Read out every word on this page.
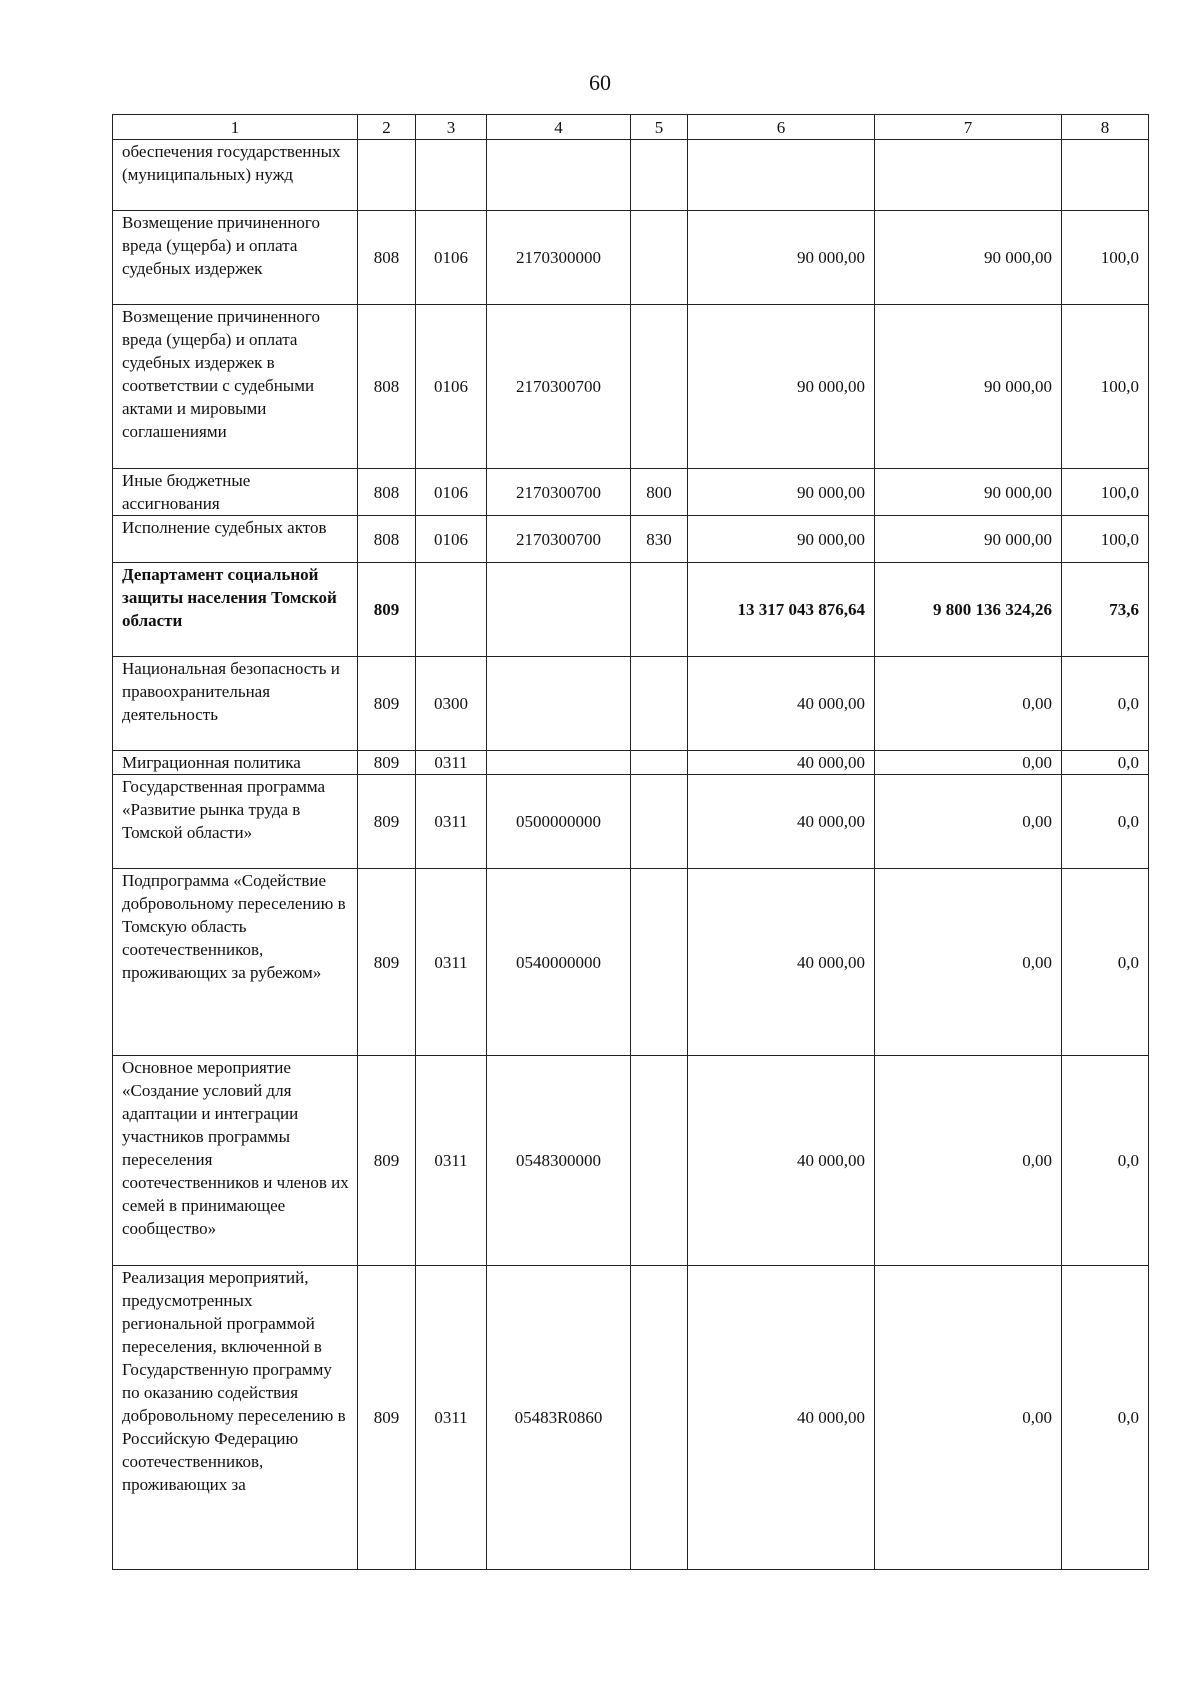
60
1	2	3	4	5	6	7	8
обеспечения государственных (муниципальных) нужд							
Возмещение причиненного вреда (ущерба) и оплата судебных издержек	808	0106	2170300000		90 000,00	90 000,00	100,0
Возмещение причиненного вреда (ущерба) и оплата судебных издержек в соответствии с судебными актами и мировыми соглашениями	808	0106	2170300700		90 000,00	90 000,00	100,0
Иные бюджетные ассигнования	808	0106	2170300700	800	90 000,00	90 000,00	100,0
Исполнение судебных актов	808	0106	2170300700	830	90 000,00	90 000,00	100,0
Департамент социальной защиты населения Томской области	809				13 317 043 876,64	9 800 136 324,26	73,6
Национальная безопасность и правоохранительная деятельность	809	0300			40 000,00	0,00	0,0
Миграционная политика	809	0311			40 000,00	0,00	0,0
Государственная программа «Развитие рынка труда в Томской области»	809	0311	0500000000		40 000,00	0,00	0,0
Подпрограмма «Содействие добровольному переселению в Томскую область соотечественников, проживающих за рубежом»	809	0311	0540000000		40 000,00	0,00	0,0
Основное мероприятие «Создание условий для адаптации и интеграции участников программы переселения соотечественников и членов их семей в принимающее сообщество»	809	0311	0548300000		40 000,00	0,00	0,0
Реализация мероприятий, предусмотренных региональной программой переселения, включенной в Государственную программу по оказанию содействия добровольному переселению в Российскую Федерацию соотечественников, проживающих за	809	0311	05483R0860		40 000,00	0,00	0,0
